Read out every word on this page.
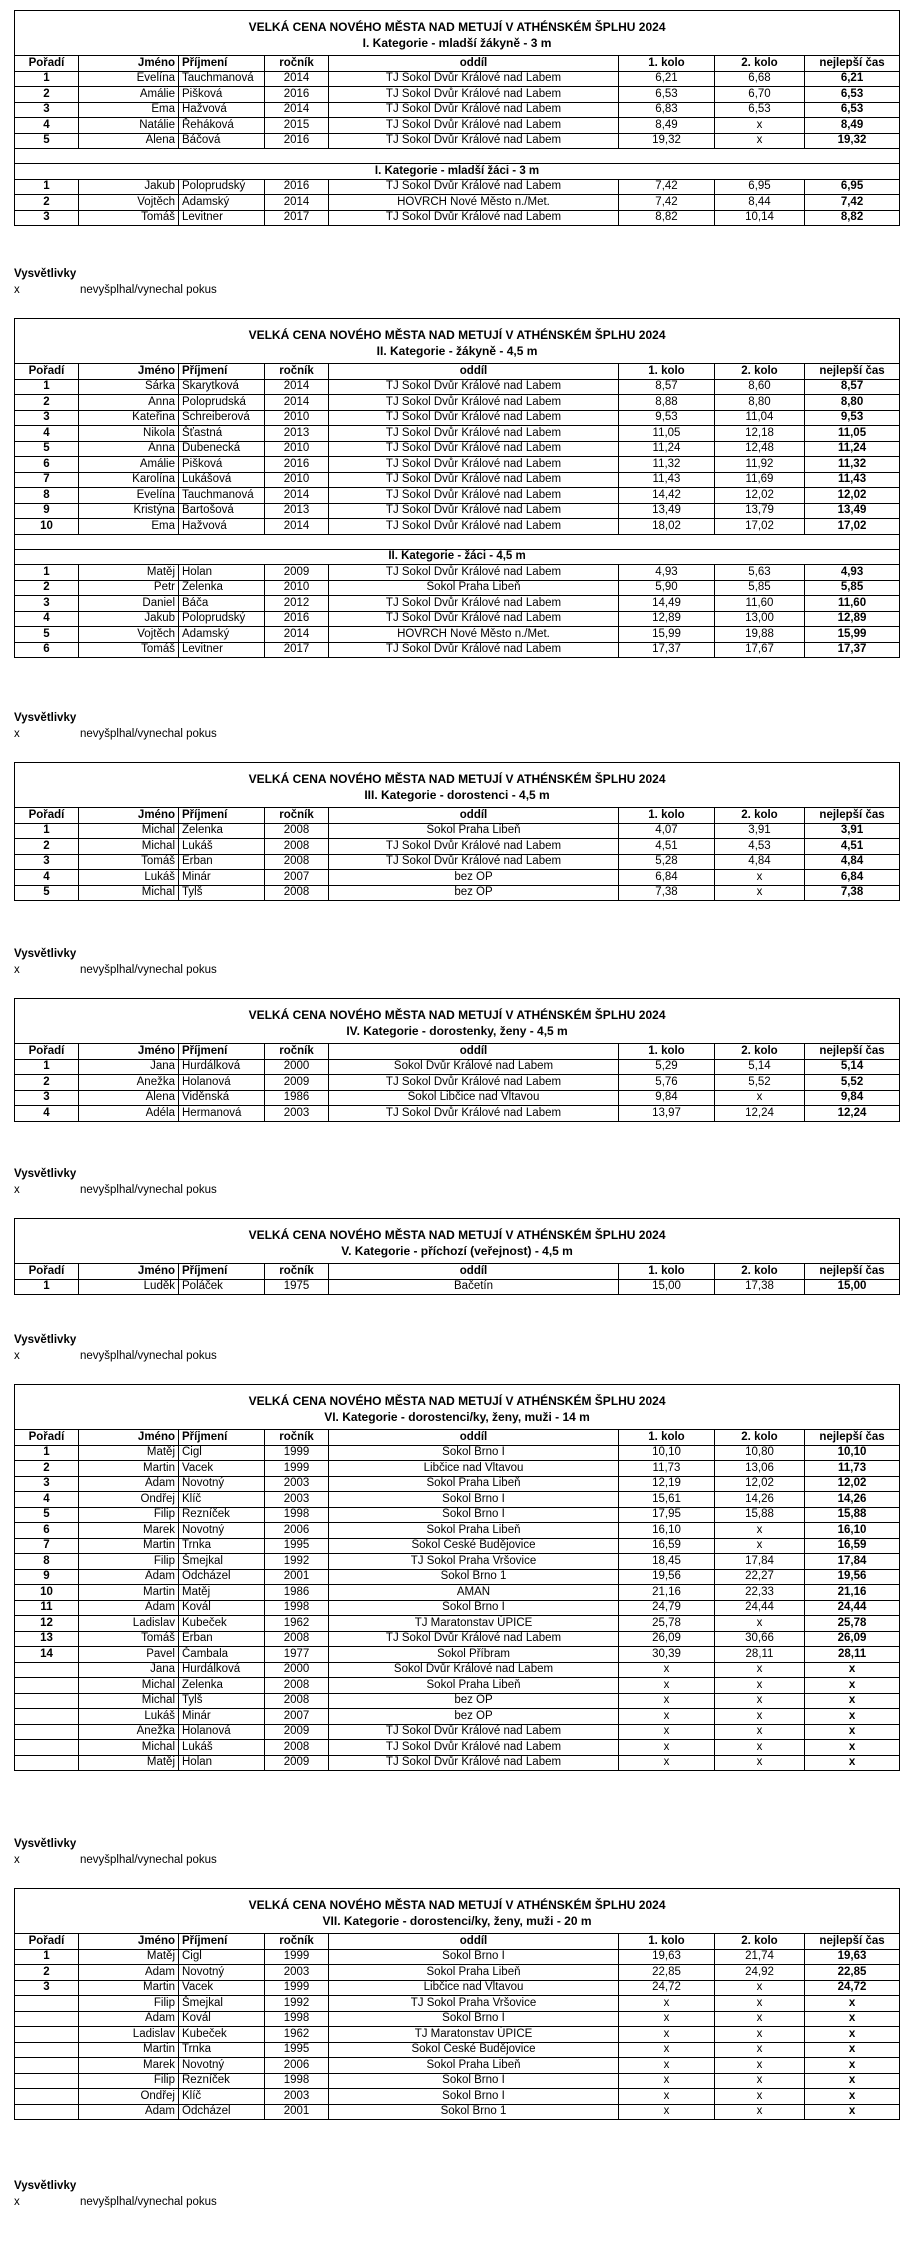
VELKÁ CENA NOVÉHO MĚSTA NAD METUJÍ V ATHÉNSKÉM ŠPLHU 2024							
I. Kategorie - mladší žákyně - 3 m							
Pořadí	Jméno	Příjmení	ročník	oddíl	1. kolo	2. kolo	nejlepší čas
1	Evelína	Tauchmanová	2014	TJ Sokol Dvůr Králové nad Labem	6,21	6,68	6,21
2	Amálie	Pišková	2016	TJ Sokol Dvůr Králové nad Labem	6,53	6,70	6,53
3	Ema	Hažvová	2014	TJ Sokol Dvůr Králové nad Labem	6,83	6,53	6,53
4	Natálie	Řeháková	2015	TJ Sokol Dvůr Králové nad Labem	8,49	x	8,49
5	Alena	Báčová	2016	TJ Sokol Dvůr Králové nad Labem	19,32	x	19,32

I. Kategorie - mladší žáci - 3 m							
1	Jakub	Poloprudský	2016	TJ Sokol Dvůr Králové nad Labem	7,42	6,95	6,95
2	Vojtěch	Adamský	2014	HOVRCH Nové Město n./Met.	7,42	8,44	7,42
3	Tomáš	Levitner	2017	TJ Sokol Dvůr Králové nad Labem	8,82	10,14	8,82
Vysvětlivky
x	nevyšplhal/vynechal pokus
VELKÁ CENA NOVÉHO MĚSTA NAD METUJÍ V ATHÉNSKÉM ŠPLHU 2024							
II. Kategorie - žákyně - 4,5 m							
Pořadí	Jméno	Příjmení	ročník	oddíl	1. kolo	2. kolo	nejlepší čas
1	Šárka	Škarytková	2014	TJ Sokol Dvůr Králové nad Labem	8,57	8,60	8,57
2	Anna	Poloprudská	2014	TJ Sokol Dvůr Králové nad Labem	8,88	8,80	8,80
3	Kateřina	Schreiberová	2010	TJ Sokol Dvůr Králové nad Labem	9,53	11,04	9,53
4	Nikola	Šťastná	2013	TJ Sokol Dvůr Králové nad Labem	11,05	12,18	11,05
5	Anna	Dubenecká	2010	TJ Sokol Dvůr Králové nad Labem	11,24	12,48	11,24
6	Amálie	Pišková	2016	TJ Sokol Dvůr Králové nad Labem	11,32	11,92	11,32
7	Karolína	Lukášová	2010	TJ Sokol Dvůr Králové nad Labem	11,43	11,69	11,43
8	Evelína	Tauchmanová	2014	TJ Sokol Dvůr Králové nad Labem	14,42	12,02	12,02
9	Kristýna	Bartošová	2013	TJ Sokol Dvůr Králové nad Labem	13,49	13,79	13,49
10	Ema	Hažvová	2014	TJ Sokol Dvůr Králové nad Labem	18,02	17,02	17,02

II. Kategorie - žáci - 4,5 m							
1	Matěj	Holan	2009	TJ Sokol Dvůr Králové nad Labem	4,93	5,63	4,93
2	Petr	Zelenka	2010	Sokol Praha Libeň	5,90	5,85	5,85
3	Daniel	Báča	2012	TJ Sokol Dvůr Králové nad Labem	14,49	11,60	11,60
4	Jakub	Poloprudský	2016	TJ Sokol Dvůr Králové nad Labem	12,89	13,00	12,89
5	Vojtěch	Adamský	2014	HOVRCH Nové Město n./Met.	15,99	19,88	15,99
6	Tomáš	Levitner	2017	TJ Sokol Dvůr Králové nad Labem	17,37	17,67	17,37
Vysvětlivky
x	nevyšplhal/vynechal pokus
VELKÁ CENA NOVÉHO MĚSTA NAD METUJÍ V ATHÉNSKÉM ŠPLHU 2024							
III. Kategorie - dorostenci - 4,5 m							
Pořadí	Jméno	Příjmení	ročník	oddíl	1. kolo	2. kolo	nejlepší čas
1	Michal	Zelenka	2008	Sokol Praha Libeň	4,07	3,91	3,91
2	Michal	Lukáš	2008	TJ Sokol Dvůr Králové nad Labem	4,51	4,53	4,51
3	Tomáš	Erban	2008	TJ Sokol Dvůr Králové nad Labem	5,28	4,84	4,84
4	Lukáš	Minár	2007	bez OP	6,84	x	6,84
5	Michal	Tylš	2008	bez OP	7,38	x	7,38
Vysvětlivky
x	nevyšplhal/vynechal pokus
VELKÁ CENA NOVÉHO MĚSTA NAD METUJÍ V ATHÉNSKÉM ŠPLHU 2024							
IV. Kategorie - dorostenky, ženy - 4,5 m							
Pořadí	Jméno	Příjmení	ročník	oddíl	1. kolo	2. kolo	nejlepší čas
1	Jana	Hurdálková	2000	Sokol Dvůr Králové nad Labem	5,29	5,14	5,14
2	Anežka	Holanová	2009	TJ Sokol Dvůr Králové nad Labem	5,76	5,52	5,52
3	Alena	Viděnská	1986	Sokol Libčice nad Vltavou	9,84	x	9,84
4	Adéla	Hermanová	2003	TJ Sokol Dvůr Králové nad Labem	13,97	12,24	12,24
Vysvětlivky
x	nevyšplhal/vynechal pokus
VELKÁ CENA NOVÉHO MĚSTA NAD METUJÍ V ATHÉNSKÉM ŠPLHU 2024							
V. Kategorie - příchozí (veřejnost) - 4,5 m							
Pořadí	Jméno	Příjmení	ročník	oddíl	1. kolo	2. kolo	nejlepší čas
1	Luděk	Poláček	1975	Bačetín	15,00	17,38	15,00
Vysvětlivky
x	nevyšplhal/vynechal pokus
VELKÁ CENA NOVÉHO MĚSTA NAD METUJÍ V ATHÉNSKÉM ŠPLHU 2024							
VI. Kategorie - dorostenci/ky, ženy, muži - 14 m							
Pořadí	Jméno	Příjmení	ročník	oddíl	1. kolo	2. kolo	nejlepší čas
1	Matěj	Cigl	1999	Sokol Brno I	10,10	10,80	10,10
2	Martin	Vacek	1999	Libčice nad Vltavou	11,73	13,06	11,73
3	Adam	Novotný	2003	Sokol Praha Libeň	12,19	12,02	12,02
4	Ondřej	Klíč	2003	Sokol Brno I	15,61	14,26	14,26
5	Filip	Řezníček	1998	Sokol Brno I	17,95	15,88	15,88
6	Marek	Novotný	2006	Sokol Praha Libeň	16,10	x	16,10
7	Martin	Trnka	1995	Sokol České Budějovice	16,59	x	16,59
8	Filip	Šmejkal	1992	TJ Sokol Praha Vršovice	18,45	17,84	17,84
9	Adam	Odcházel	2001	Sokol Brno 1	19,56	22,27	19,56
10	Martin	Matěj	1986	AMAN	21,16	22,33	21,16
11	Adam	Kovál	1998	Sokol Brno I	24,79	24,44	24,44
12	Ladislav	Kubeček	1962	TJ Maratonstav ÚPICE	25,78	x	25,78
13	Tomáš	Erban	2008	TJ Sokol Dvůr Králové nad Labem	26,09	30,66	26,09
14	Pavel	Čambala	1977	Sokol Příbram	30,39	28,11	28,11
	Jana	Hurdálková	2000	Sokol Dvůr Králové nad Labem	x	x	x
	Michal	Zelenka	2008	Sokol Praha Libeň	x	x	x
	Michal	Tylš	2008	bez OP	x	x	x
	Lukáš	Minár	2007	bez OP	x	x	x
	Anežka	Holanová	2009	TJ Sokol Dvůr Králové nad Labem	x	x	x
	Michal	Lukáš	2008	TJ Sokol Dvůr Králové nad Labem	x	x	x
	Matěj	Holan	2009	TJ Sokol Dvůr Králové nad Labem	x	x	x
Vysvětlivky
x	nevyšplhal/vynechal pokus
VELKÁ CENA NOVÉHO MĚSTA NAD METUJÍ V ATHÉNSKÉM ŠPLHU 2024							
VII. Kategorie - dorostenci/ky, ženy, muži - 20 m							
Pořadí	Jméno	Příjmení	ročník	oddíl	1. kolo	2. kolo	nejlepší čas
1	Matěj	Cigl	1999	Sokol Brno I	19,63	21,74	19,63
2	Adam	Novotný	2003	Sokol Praha Libeň	22,85	24,92	22,85
3	Martin	Vacek	1999	Libčice nad Vltavou	24,72	x	24,72
	Filip	Šmejkal	1992	TJ Sokol Praha Vršovice	x	x	x
	Adam	Kovál	1998	Sokol Brno I	x	x	x
	Ladislav	Kubeček	1962	TJ Maratonstav ÚPICE	x	x	x
	Martin	Trnka	1995	Sokol České Budějovice	x	x	x
	Marek	Novotný	2006	Sokol Praha Libeň	x	x	x
	Filip	Řezníček	1998	Sokol Brno I	x	x	x
	Ondřej	Klíč	2003	Sokol Brno I	x	x	x
	Adam	Odcházel	2001	Sokol Brno 1	x	x	x
Vysvětlivky
x	nevyšplhal/vynechal pokus
